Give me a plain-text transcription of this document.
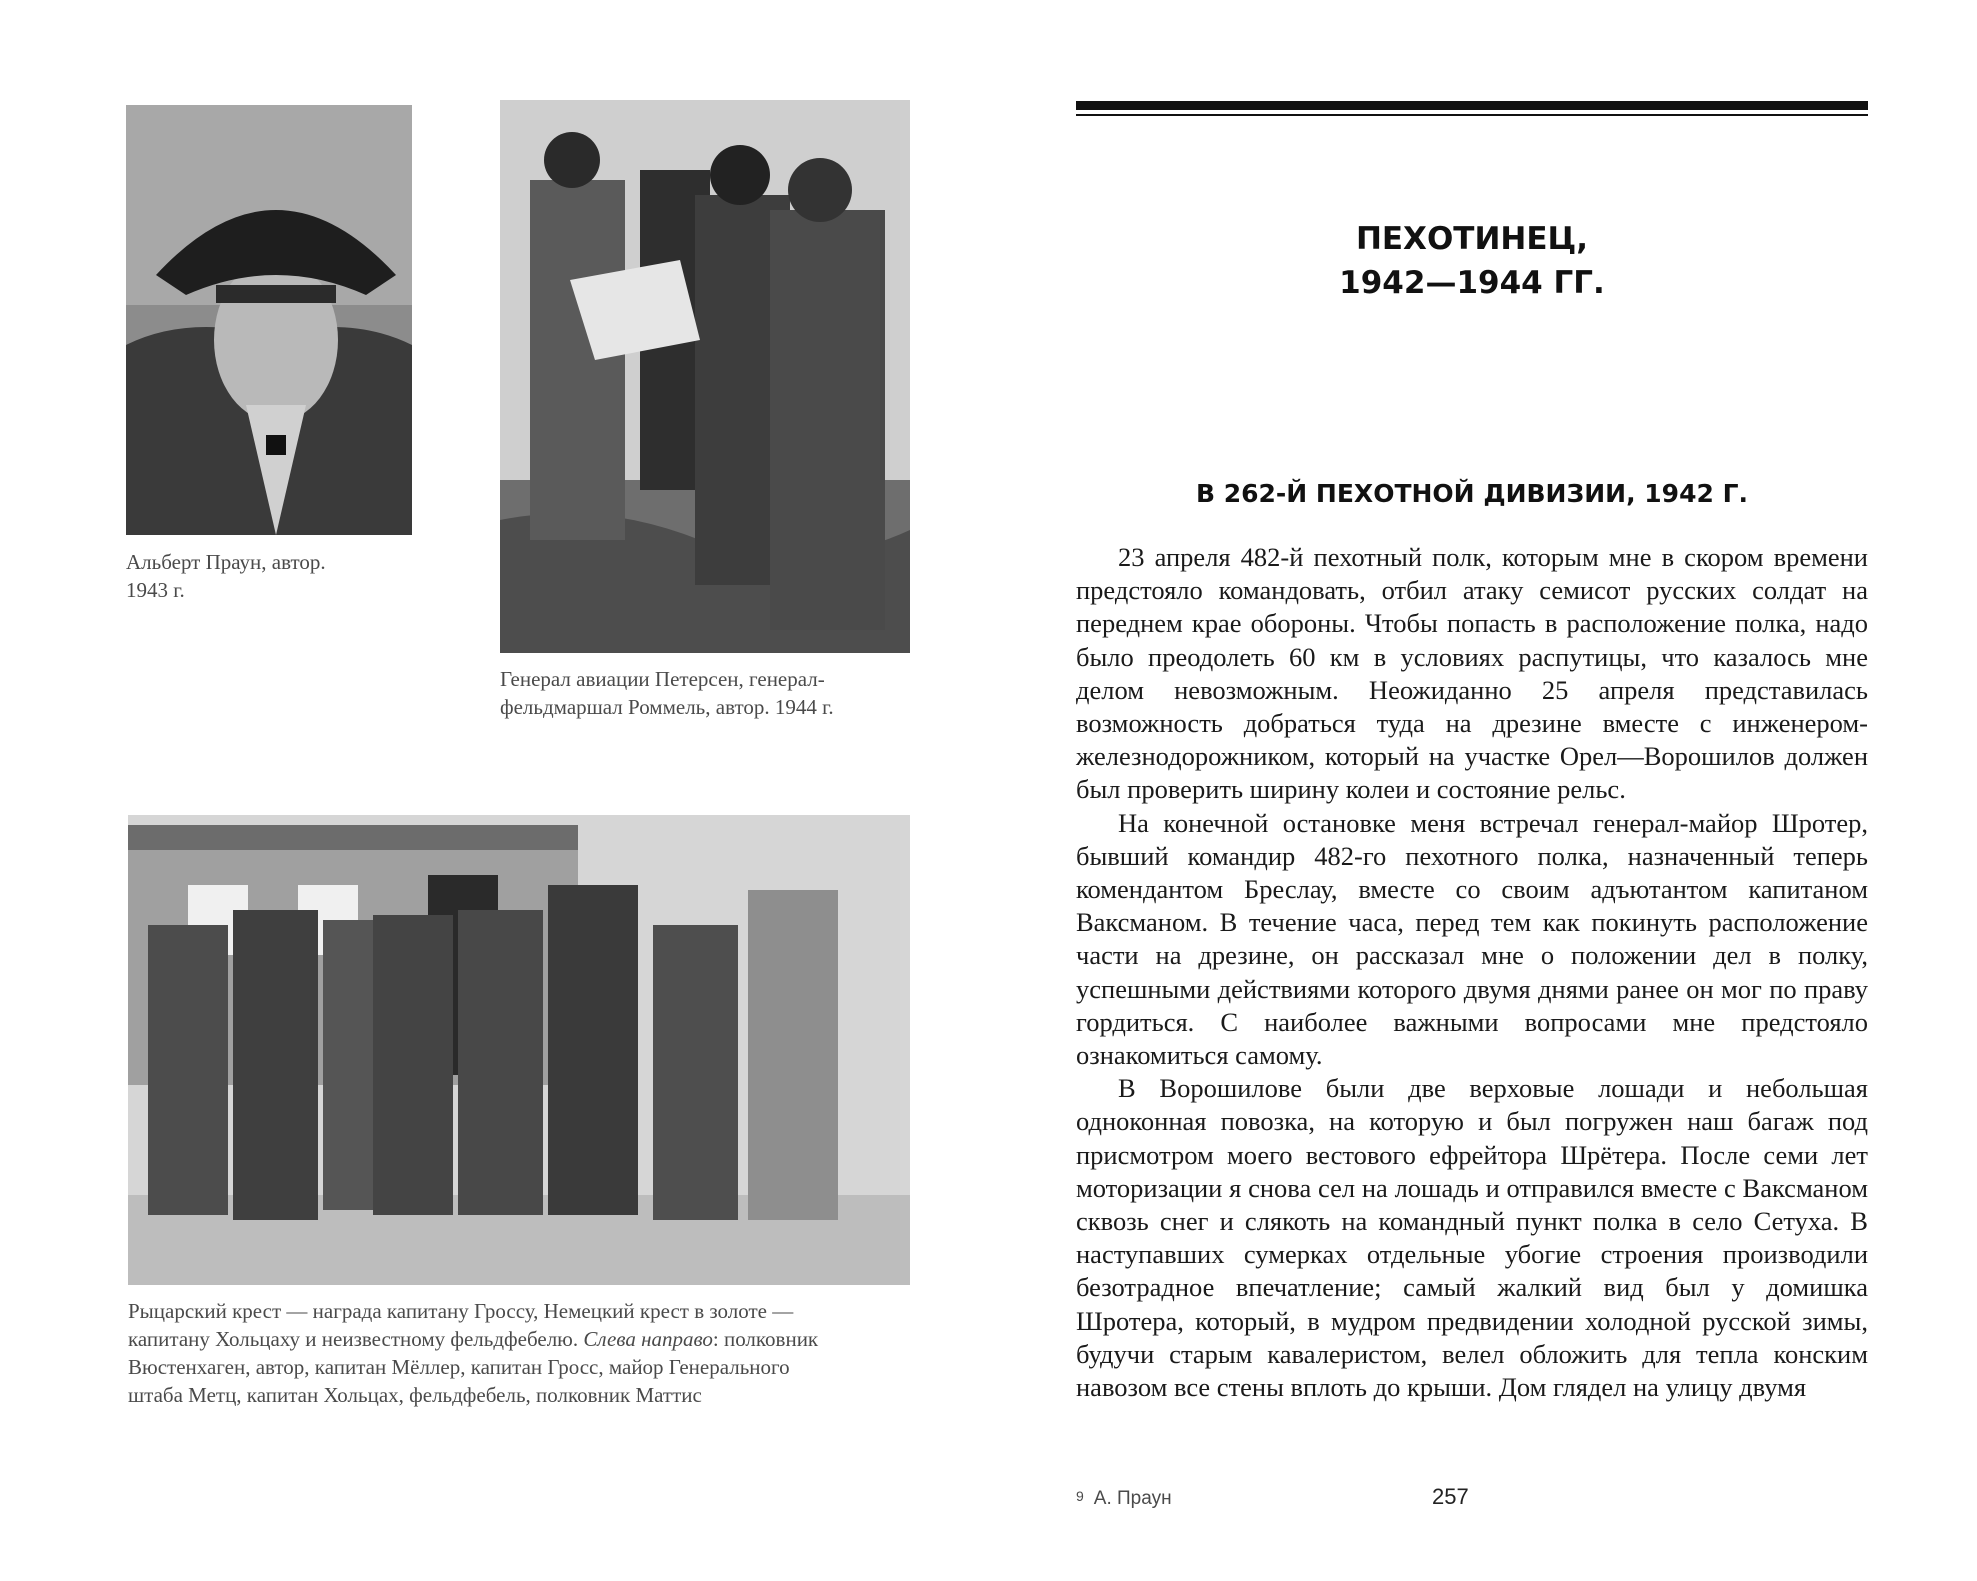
Альберт Праун, автор.
1943 г.

Генерал авиации Петерсен, генерал-
фельдмаршал Роммель, автор. 1944 г.

Рыцарский крест — награда капитану Гроссу, Немецкий крест в золоте —
капитану Хольцаху и неизвестному фельдфебелю. Слева направо: полковник
Вюстенхаген, автор, капитан Мёллер, капитан Гросс, майор Генерального
штаба Метц, капитан Хольцах, фельдфебель, полковник Маттис

ПЕХОТИНЕЦ,
1942—1944 ГГ.
В 262-Й ПЕХОТНОЙ ДИВИЗИИ, 1942 Г.

23 апреля 482-й пехотный полк, которым мне в скором времени предстояло командовать, отбил атаку семисот русских солдат на переднем крае обороны. Чтобы попасть в расположение полка, надо было преодолеть 60 км в условиях распутицы, что казалось мне делом невозможным. Неожиданно 25 апреля представилась возможность добраться туда на дрезине вместе с инженером-железнодорожником, который на участке Орел—Ворошилов должен был проверить ширину колеи и состояние рельс.

На конечной остановке меня встречал генерал-майор Шротер, бывший командир 482-го пехотного полка, назначенный теперь комендантом Бреслау, вместе со своим адъютантом капитаном Ваксманом. В течение часа, перед тем как покинуть расположение части на дрезине, он рассказал мне о положении дел в полку, успешными действиями которого двумя днями ранее он мог по праву гордиться. С наиболее важными вопросами мне предстояло ознакомиться самому.

В Ворошилове были две верховые лошади и небольшая одноконная повозка, на которую и был погружен наш багаж под присмотром моего вестового ефрейтора Шрётера. После семи лет моторизации я снова сел на лошадь и отправился вместе с Ваксманом сквозь снег и слякоть на командный пункт полка в село Сетуха. В наступавших сумерках отдельные убогие строения производили безотрадное впечатление; самый жалкий вид был у домишка Шротера, который, в мудром предвидении холодной русской зимы, будучи старым кавалеристом, велел обложить для тепла конским навозом все стены вплоть до крыши. Дом глядел на улицу двумя

9 А. Праун	257
